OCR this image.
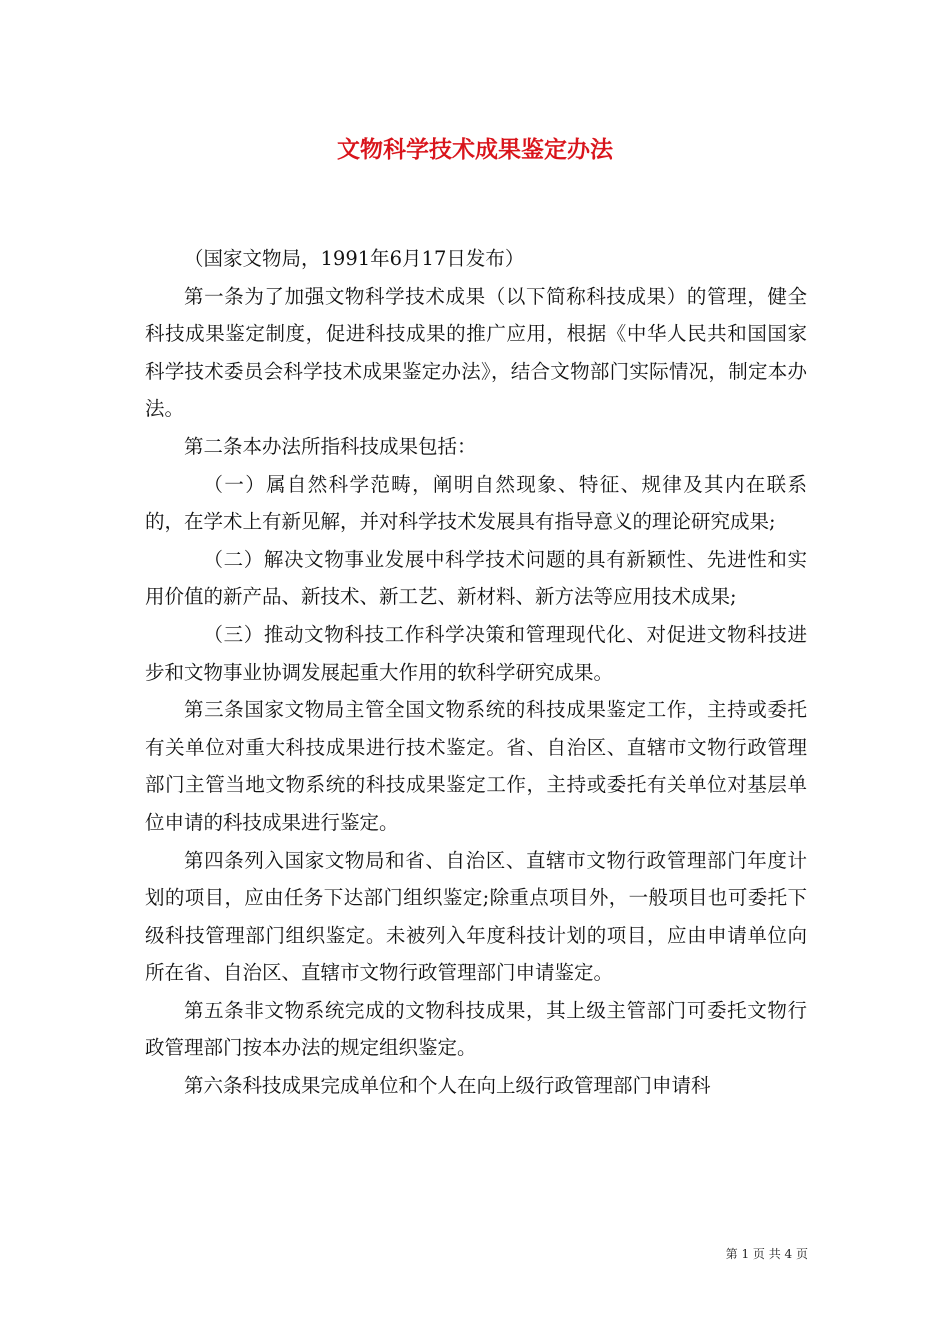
文物科学技术成果鉴定办法

（国家文物局，1991年6月17日发布）

第一条为了加强文物科学技术成果（以下简称科技成果）的管理，健全科技成果鉴定制度，促进科技成果的推广应用，根据《中华人民共和国国家科学技术委员会科学技术成果鉴定办法》，结合文物部门实际情况，制定本办法。

第二条本办法所指科技成果包括：

（一）属自然科学范畴，阐明自然现象、特征、规律及其内在联系的，在学术上有新见解，并对科学技术发展具有指导意义的理论研究成果;

（二）解决文物事业发展中科学技术问题的具有新颖性、先进性和实用价值的新产品、新技术、新工艺、新材料、新方法等应用技术成果;

（三）推动文物科技工作科学决策和管理现代化、对促进文物科技进步和文物事业协调发展起重大作用的软科学研究成果。

第三条国家文物局主管全国文物系统的科技成果鉴定工作，主持或委托有关单位对重大科技成果进行技术鉴定。省、自治区、直辖市文物行政管理部门主管当地文物系统的科技成果鉴定工作，主持或委托有关单位对基层单位申请的科技成果进行鉴定。

第四条列入国家文物局和省、自治区、直辖市文物行政管理部门年度计划的项目，应由任务下达部门组织鉴定;除重点项目外，一般项目也可委托下级科技管理部门组织鉴定。未被列入年度科技计划的项目，应由申请单位向所在省、自治区、直辖市文物行政管理部门申请鉴定。

第五条非文物系统完成的文物科技成果，其上级主管部门可委托文物行政管理部门按本办法的规定组织鉴定。

第六条科技成果完成单位和个人在向上级行政管理部门申请科

第 1 页 共 4 页
